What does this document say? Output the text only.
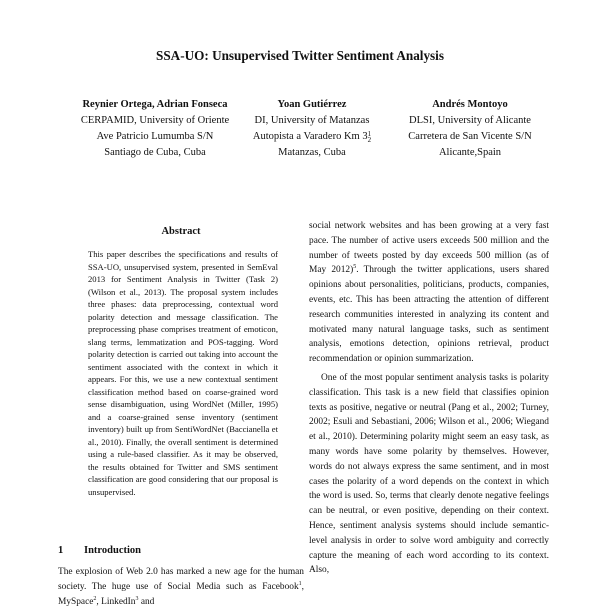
SSA-UO: Unsupervised Twitter Sentiment Analysis
Reynier Ortega, Adrian Fonseca
CERPAMID, University of Oriente
Ave Patricio Lumumba S/N
Santiago de Cuba, Cuba
Yoan Gutiérrez
DI, University of Matanzas
Autopista a Varadero Km 3 1
2
Matanzas, Cuba
Andrés Montoyo
DLSI, University of Alicante
Carretera de San Vicente S/N
Alicante,Spain
Abstract
This paper describes the specifications and results of SSA-UO, unsupervised system, presented in SemEval 2013 for Sentiment Analysis in Twitter (Task 2) (Wilson et al., 2013). The proposal system includes three phases: data preprocessing, contextual word polarity detection and message classification. The preprocessing phase comprises treatment of emoticon, slang terms, lemmatization and POS-tagging. Word polarity detection is carried out taking into account the sentiment associated with the context in which it appears. For this, we use a new contextual sentiment classification method based on coarse-grained word sense disambiguation, using WordNet (Miller, 1995) and a coarse-grained sense inventory (sentiment inventory) built up from SentiWordNet (Baccianella et al., 2010). Finally, the overall sentiment is determined using a rule-based classifier. As it may be observed, the results obtained for Twitter and SMS sentiment classification are good considering that our proposal is unsupervised.
1 Introduction
The explosion of Web 2.0 has marked a new age for the human society. The huge use of Social Media such as Facebook$^1$, MySpace$^2$, LinkedIn$^3$ and

social network websites and has been growing at a very fast pace. The number of active users exceeds 500 million and the number of tweets posted by day exceeds 500 million (as of May 2012)$^5$. Through the twitter applications, users shared opinions about personalities, politicians, products, companies, events, etc. This has been attracting the attention of different research communities interested in analyzing its content and motivated many natural language tasks, such as sentiment analysis, emotions detection, opinions retrieval, product recommendation or opinion summarization.

One of the most popular sentiment analysis tasks is polarity classification. This task is a new field that classifies opinion texts as positive, negative or neutral (Pang et al., 2002; Turney, 2002; Esuli and Sebastiani, 2006; Wilson et al., 2006; Wiegand et al., 2010). Determining polarity might seem an easy task, as many words have some polarity by themselves. However, words do not always express the same sentiment, and in most cases the polarity of a word depends on the context in which the word is used. So, terms that clearly denote negative feelings can be neutral, or even positive, depending on their context. Hence, sentiment analysis systems should include semantic-level analysis in order to solve word ambiguity and correctly capture the meaning of each word according to its context. Also,
